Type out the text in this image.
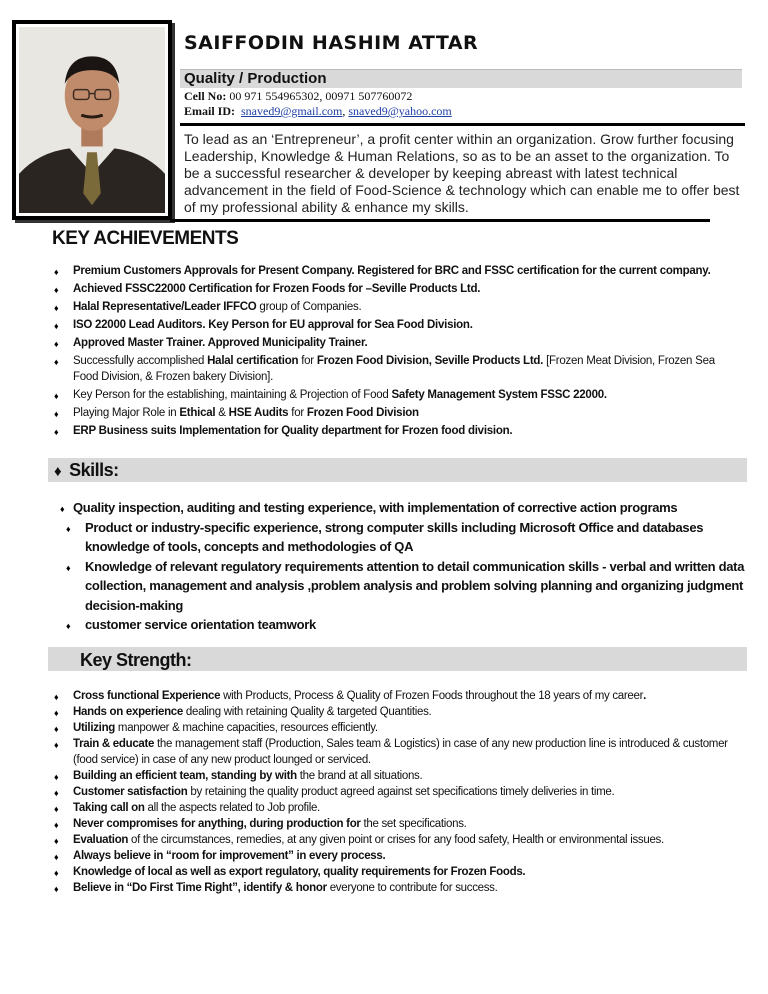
SAIFFODIN HASHIM ATTAR
Quality / Production
Cell No: 00 971 554965302, 00971 507760072
Email ID: snaved9@gmail.com, snaved9@yahoo.com
To lead as an ‘Entrepreneur’, a profit center within an organization. Grow further focusing Leadership, Knowledge & Human Relations, so as to be an asset to the organization. To be a successful researcher & developer by keeping abreast with latest technical advancement in the field of Food-Science & technology which can enable me to offer best of my professional ability & enhance my skills.
KEY ACHIEVEMENTS
♦ Premium Customers Approvals for Present Company. Registered for BRC and FSSC certification for the current company.
♦ Achieved FSSC22000 Certification for Frozen Foods for –Seville Products Ltd.
♦ Halal Representative/Leader IFFCO group of Companies.
♦ ISO 22000 Lead Auditors. Key Person for EU approval for Sea Food Division.
♦ Approved Master Trainer. Approved Municipality Trainer.
♦ Successfully accomplished Halal certification for Frozen Food Division, Seville Products Ltd. [Frozen Meat Division, Frozen Sea Food Division, & Frozen bakery Division].
♦ Key Person for the establishing, maintaining & Projection of Food Safety Management System FSSC 22000.
♦ Playing Major Role in Ethical & HSE Audits for Frozen Food Division
♦ ERP Business suits Implementation for Quality department for Frozen food division.
♦ Skills:
♦ Quality inspection, auditing and testing experience, with implementation of corrective action programs
♦ Product or industry-specific experience, strong computer skills including Microsoft Office and databases knowledge of tools, concepts and methodologies of QA
♦ Knowledge of relevant regulatory requirements attention to detail communication skills - verbal and written data collection, management and analysis ,problem analysis and problem solving planning and organizing judgment decision-making
♦ customer service orientation teamwork
Key Strength:
♦ Cross functional Experience with Products, Process & Quality of Frozen Foods throughout the 18 years of my career.
♦ Hands on experience dealing with retaining Quality & targeted Quantities.
♦ Utilizing manpower & machine capacities, resources efficiently.
♦ Train & educate the management staff (Production, Sales team & Logistics) in case of any new production line is introduced & customer (food service) in case of any new product lounged or serviced.
♦ Building an efficient team, standing by with the brand at all situations.
♦ Customer satisfaction by retaining the quality product agreed against set specifications timely deliveries in time.
♦ Taking call on all the aspects related to Job profile.
♦ Never compromises for anything, during production for the set specifications.
♦ Evaluation of the circumstances, remedies, at any given point or crises for any food safety, Health or environmental issues.
♦ Always believe in “room for improvement” in every process.
♦ Knowledge of local as well as export regulatory, quality requirements for Frozen Foods.
♦ Believe in “Do First Time Right”, identify & honor everyone to contribute for success.
